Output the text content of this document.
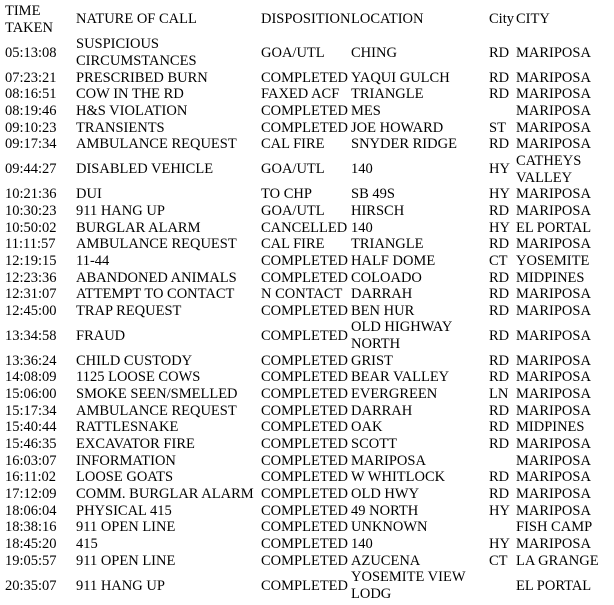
TIME TAKEN	NATURE OF CALL	DISPOSITION	LOCATION	City	CITY
05:13:08	SUSPICIOUS CIRCUMSTANCES	GOA/UTL	CHING	RD	MARIPOSA
07:23:21	PRESCRIBED BURN	COMPLETED	YAQUI GULCH	RD	MARIPOSA
08:16:51	COW IN THE RD	FAXED ACF	TRIANGLE	RD	MARIPOSA
08:19:46	H&S VIOLATION	COMPLETED	MES		MARIPOSA
09:10:23	TRANSIENTS	COMPLETED	JOE HOWARD	ST	MARIPOSA
09:17:34	AMBULANCE REQUEST	CAL FIRE	SNYDER RIDGE	RD	MARIPOSA
09:44:27	DISABLED VEHICLE	GOA/UTL	140	HY	CATHEYS VALLEY
10:21:36	DUI	TO CHP	SB 49S	HY	MARIPOSA
10:30:23	911 HANG UP	GOA/UTL	HIRSCH	RD	MARIPOSA
10:50:02	BURGLAR ALARM	CANCELLED	140	HY	EL PORTAL
11:11:57	AMBULANCE REQUEST	CAL FIRE	TRIANGLE	RD	MARIPOSA
12:19:15	11-44	COMPLETED	HALF DOME	CT	YOSEMITE
12:23:36	ABANDONED ANIMALS	COMPLETED	COLOADO	RD	MIDPINES
12:31:07	ATTEMPT TO CONTACT	N CONTACT	DARRAH	RD	MARIPOSA
12:45:00	TRAP REQUEST	COMPLETED	BEN HUR	RD	MARIPOSA
13:34:58	FRAUD	COMPLETED	OLD HIGHWAY NORTH	RD	MARIPOSA
13:36:24	CHILD CUSTODY	COMPLETED	GRIST	RD	MARIPOSA
14:08:09	1125 LOOSE COWS	COMPLETED	BEAR VALLEY	RD	MARIPOSA
15:06:00	SMOKE SEEN/SMELLED	COMPLETED	EVERGREEN	LN	MARIPOSA
15:17:34	AMBULANCE REQUEST	COMPLETED	DARRAH	RD	MARIPOSA
15:40:44	RATTLESNAKE	COMPLETED	OAK	RD	MIDPINES
15:46:35	EXCAVATOR FIRE	COMPLETED	SCOTT	RD	MARIPOSA
16:03:07	INFORMATION	COMPLETED	MARIPOSA		MARIPOSA
16:11:02	LOOSE GOATS	COMPLETED	W WHITLOCK	RD	MARIPOSA
17:12:09	COMM. BURGLAR ALARM	COMPLETED	OLD HWY	RD	MARIPOSA
18:06:04	PHYSICAL 415	COMPLETED	49 NORTH	HY	MARIPOSA
18:38:16	911 OPEN LINE	COMPLETED	UNKNOWN		FISH CAMP
18:45:20	415	COMPLETED	140	HY	MARIPOSA
19:05:57	911 OPEN LINE	COMPLETED	AZUCENA	CT	LA GRANGE
20:35:07	911 HANG UP	COMPLETED	YOSEMITE VIEW LODG		EL PORTAL
